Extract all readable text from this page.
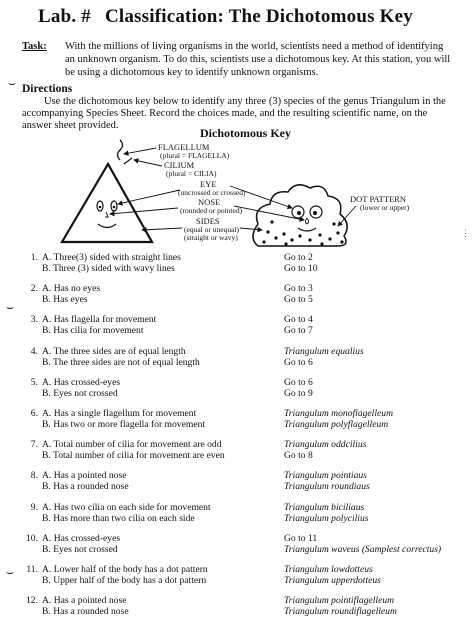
Lab. # Classification: The Dichotomous Key
Task: With the millions of living organisms in the world, scientists need a method of identifying an unknown organism. To do this, scientists use a dichotomous key. At this station, you will be using a dichotomous key to identify unknown organisms.
Directions
Use the dichotomous key below to identify any three (3) species of the genus Triangulum in the accompanying Species Sheet. Record the choices made, and the resulting scientific name, on the answer sheet provided.
Dichotomous Key
FLAGELLUM
(plural = FLAGELLA)
CILIUM
(plural = CILIA)
EYE
(uncrossed or crossed)
NOSE
(rounded or pointed)
SIDES
(equal or unequal)
(straight or wavy)
DOT PATTERN
(lower or upper)
1. A. Three(3) sided with straight lines	Go to 2
B. Three (3) sided with wavy lines	Go to 10
2. A. Has no eyes	Go to 3
B. Has eyes	Go to 5
3. A. Has flagella for movement	Go to 4
B. Has cilia for movement	Go to 7
4. A. The three sides are of equal length	Triangulum equalius
B. The three sides are not of equal length	Go to 6
5. A. Has crossed-eyes	Go to 6
B. Eyes not crossed	Go to 9
6. A. Has a single flagellum for movement	Triangulum monoflagelleum
B. Has two or more flagella for movement	Triangulum polyflagelleum
7. A. Total number of cilia for movement are odd	Triangulum oddcilius
B. Total number of cilia for movement are even	Go to 8
8. A. Has a pointed nose	Triangulum pointiaus
B. Has a rounded nose	Triangulum roundiaus
9. A. Has two cilia on each side for movement	Triangulum biciliaus
B. Has more than two cilia on each side	Triangulum polycilius
10. A. Has crossed-eyes	Go to 11
B. Eyes not crossed	Triangulum waveus (Samplest correctus)
11. A. Lower half of the body has a dot pattern	Triangulum lowdotteus
B. Upper half of the body has a dot pattern	Triangulum upperdotteus
12. A. Has a pointed nose	Triangulum pointiflagelleum
B. Has a rounded nose	Triangulum roundiflagelleum
⌣
⌣
⌣
⋮
